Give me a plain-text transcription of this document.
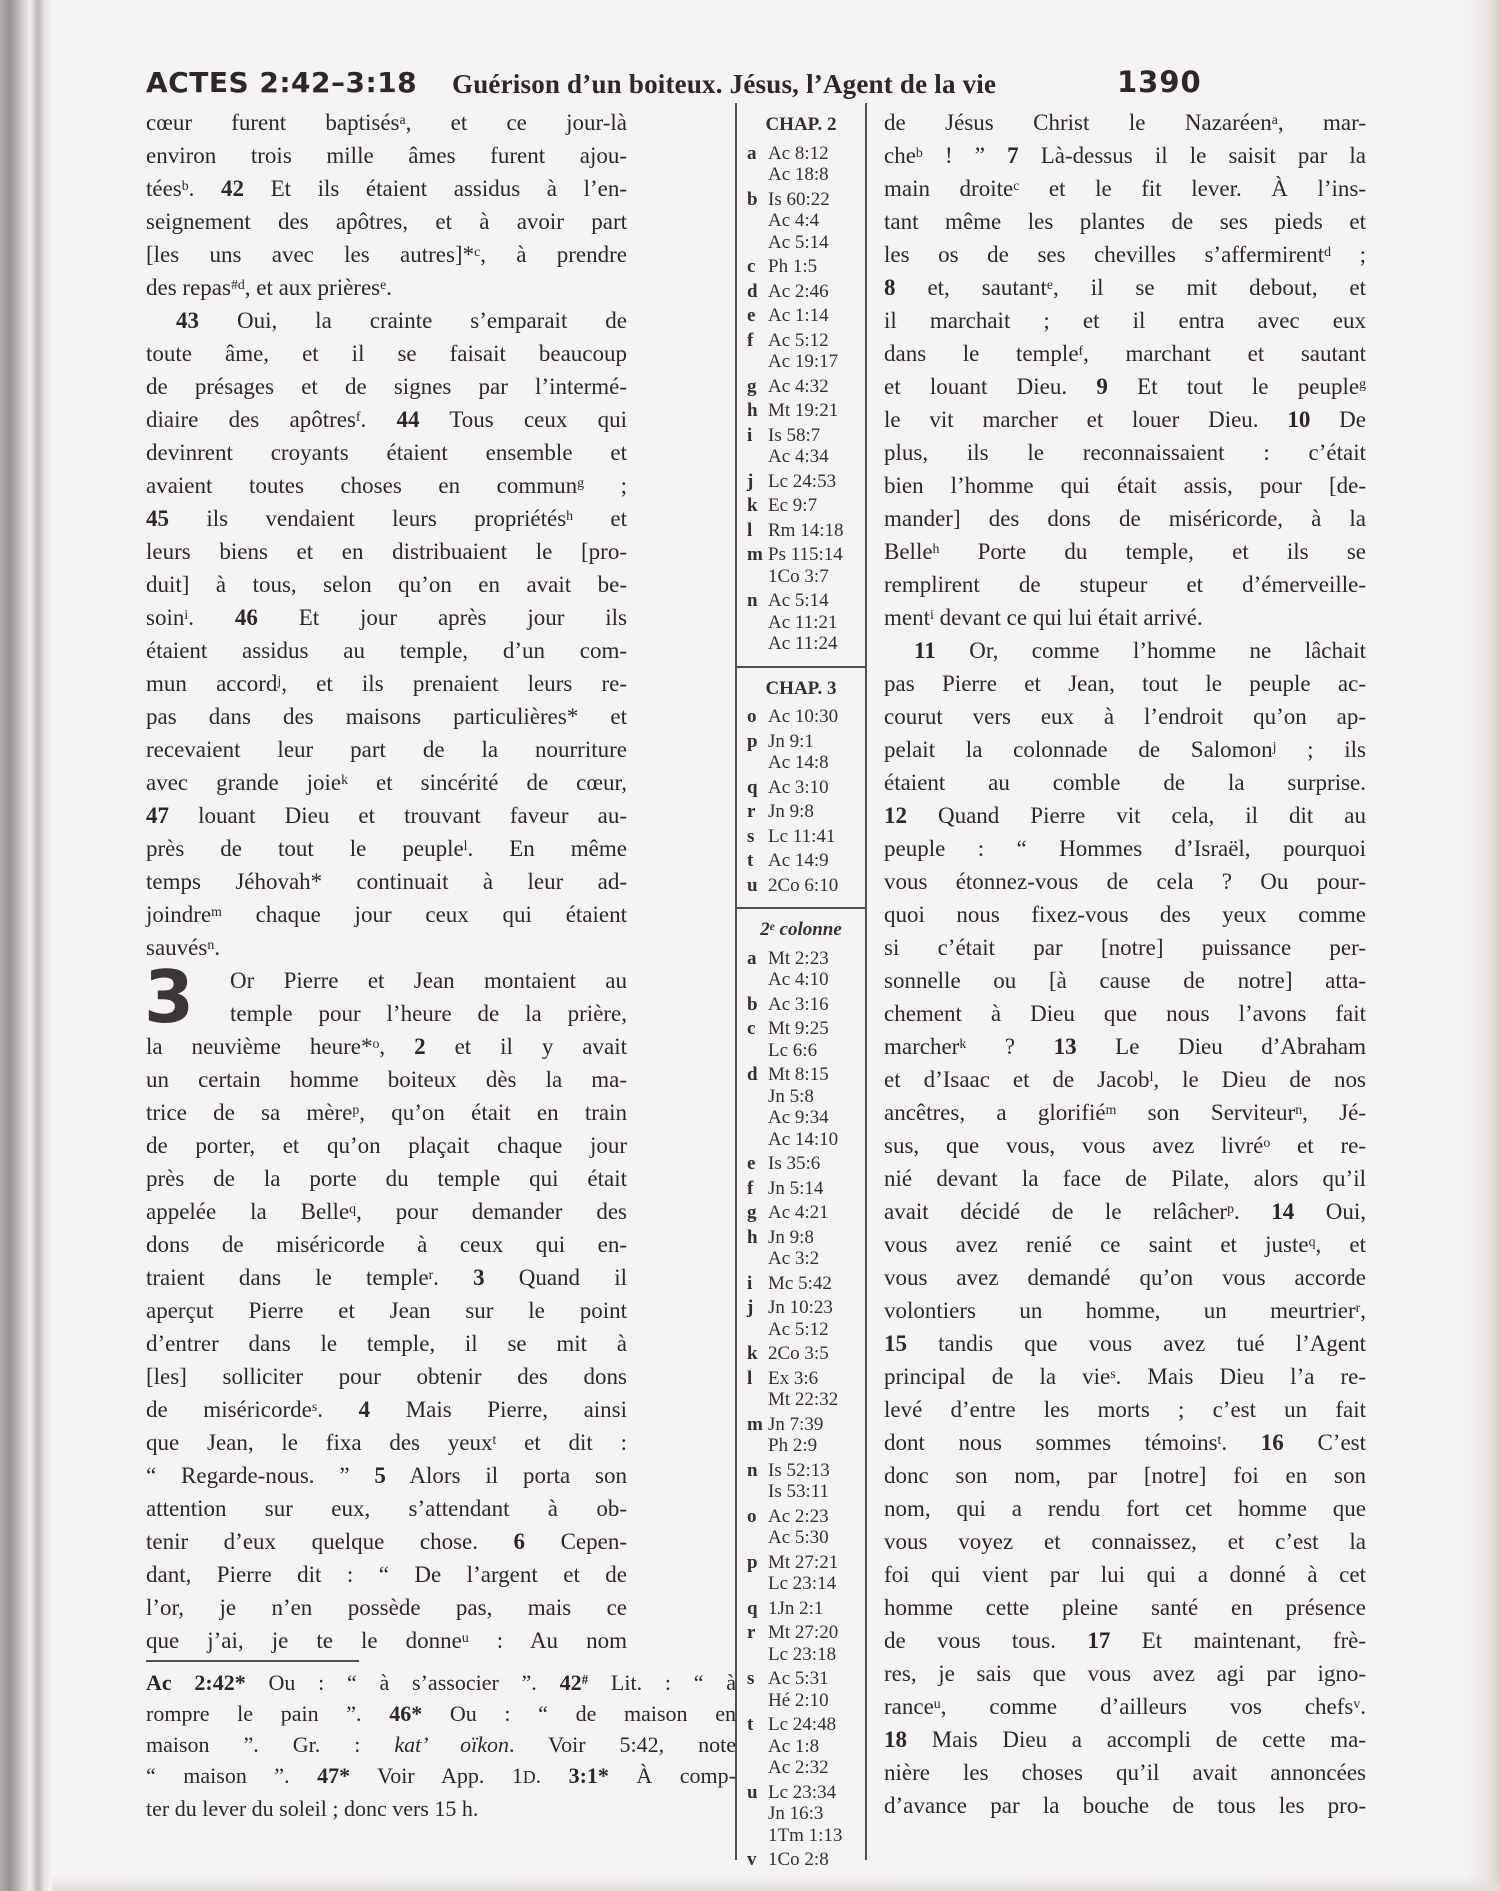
ACTES 2:42–3:18 Guérison d’un boiteux. Jésus, l’Agent de la vie	1390
cœur furent baptisés$^a$, et ce jour-là
environ trois mille âmes furent ajou-
tées$^b$. 42 Et ils étaient assidus à l’en-
seignement des apôtres, et à avoir part
[les uns avec les autres]*$^c$, à prendre
des repas$^{\#d}$, et aux prières$^e$.
43 Oui, la crainte s’emparait de
toute âme, et il se faisait beaucoup
de présages et de signes par l’intermé-
diaire des apôtres$^f$. 44 Tous ceux qui
devinrent croyants étaient ensemble et
avaient toutes choses en commun$^g$ ;
45 ils vendaient leurs propriétés$^h$ et
leurs biens et en distribuaient le [pro-
duit] à tous, selon qu’on en avait be-
soin$^i$. 46 Et jour après jour ils
étaient assidus au temple, d’un com-
mun accord$^j$, et ils prenaient leurs re-
pas dans des maisons particulières* et
recevaient leur part de la nourriture
avec grande joie$^k$ et sincérité de cœur,
47 louant Dieu et trouvant faveur au-
près de tout le peuple$^l$. En même
temps Jéhovah* continuait à leur ad-
joindre$^m$ chaque jour ceux qui étaient
sauvés$^n$.
3 Or Pierre et Jean montaient au
temple pour l’heure de la prière,
la neuvième heure*$^o$, 2 et il y avait
un certain homme boiteux dès la ma-
trice de sa mère$^p$, qu’on était en train
de porter, et qu’on plaçait chaque jour
près de la porte du temple qui était
appelée la Belle$^q$, pour demander des
dons de miséricorde à ceux qui en-
traient dans le temple$^r$. 3 Quand il
aperçut Pierre et Jean sur le point
d’entrer dans le temple, il se mit à
[les] solliciter pour obtenir des dons
de miséricorde$^s$. 4 Mais Pierre, ainsi
que Jean, le fixa des yeux$^t$ et dit :
“ Regarde-nous. ” 5 Alors il porta son
attention sur eux, s’attendant à ob-
tenir d’eux quelque chose. 6 Cepen-
dant, Pierre dit : “ De l’argent et de
l’or, je n’en possède pas, mais ce
que j’ai, je te le donne$^u$ : Au nom
CHAP. 2
a Ac 8:12
Ac 18:8
b Is 60:22
Ac 4:4
Ac 5:14
c Ph 1:5
d Ac 2:46
e Ac 1:14
f Ac 5:12
Ac 19:17
g Ac 4:32
h Mt 19:21
i Is 58:7
Ac 4:34
j Lc 24:53
k Ec 9:7
l Rm 14:18
m Ps 115:14
1Co 3:7
n Ac 5:14
Ac 11:21
Ac 11:24
CHAP. 3
o Ac 10:30
p Jn 9:1
Ac 14:8
q Ac 3:10
r Jn 9:8
s Lc 11:41
t Ac 14:9
u 2Co 6:10
2e colonne
a Mt 2:23
Ac 4:10
b Ac 3:16
c Mt 9:25
Lc 6:6
d Mt 8:15
Jn 5:8
Ac 9:34
Ac 14:10
e Is 35:6
f Jn 5:14
g Ac 4:21
h Jn 9:8
Ac 3:2
i Mc 5:42
j Jn 10:23
Ac 5:12
k 2Co 3:5
l Ex 3:6
Mt 22:32
m Jn 7:39
Ph 2:9
n Is 52:13
Is 53:11
o Ac 2:23
Ac 5:30
p Mt 27:21
Lc 23:14
q 1Jn 2:1
r Mt 27:20
Lc 23:18
s Ac 5:31
Hé 2:10
t Lc 24:48
Ac 1:8
Ac 2:32
u Lc 23:34
Jn 16:3
1Tm 1:13
v 1Co 2:8
de Jésus Christ le Nazaréen$^a$, mar-
che$^b$ ! ” 7 Là-dessus il le saisit par la
main droite$^c$ et le fit lever. À l’ins-
tant même les plantes de ses pieds et
les os de ses chevilles s’affermirent$^d$ ;
8 et, sautant$^e$, il se mit debout, et
il marchait ; et il entra avec eux
dans le temple$^f$, marchant et sautant
et louant Dieu. 9 Et tout le peuple$^g$
le vit marcher et louer Dieu. 10 De
plus, ils le reconnaissaient : c’était
bien l’homme qui était assis, pour [de-
mander] des dons de miséricorde, à la
Belle$^h$ Porte du temple, et ils se
remplirent de stupeur et d’émerveille-
ment$^i$ devant ce qui lui était arrivé.
11 Or, comme l’homme ne lâchait
pas Pierre et Jean, tout le peuple ac-
courut vers eux à l’endroit qu’on ap-
pelait la colonnade de Salomon$^j$ ; ils
étaient au comble de la surprise.
12 Quand Pierre vit cela, il dit au
peuple : “ Hommes d’Israël, pourquoi
vous étonnez-vous de cela ? Ou pour-
quoi nous fixez-vous des yeux comme
si c’était par [notre] puissance per-
sonnelle ou [à cause de notre] atta-
chement à Dieu que nous l’avons fait
marcher$^k$ ? 13 Le Dieu d’Abraham
et d’Isaac et de Jacob$^l$, le Dieu de nos
ancêtres, a glorifié$^m$ son Serviteur$^n$, Jé-
sus, que vous, vous avez livré$^o$ et re-
nié devant la face de Pilate, alors qu’il
avait décidé de le relâcher$^p$. 14 Oui,
vous avez renié ce saint et juste$^q$, et
vous avez demandé qu’on vous accorde
volontiers un homme, un meurtrier$^r$,
15 tandis que vous avez tué l’Agent
principal de la vie$^s$. Mais Dieu l’a re-
levé d’entre les morts ; c’est un fait
dont nous sommes témoins$^t$. 16 C’est
donc son nom, par [notre] foi en son
nom, qui a rendu fort cet homme que
vous voyez et connaissez, et c’est la
foi qui vient par lui qui a donné à cet
homme cette pleine santé en présence
de vous tous. 17 Et maintenant, frè-
res, je sais que vous avez agi par igno-
rance$^u$, comme d’ailleurs vos chefs$^v$.
18 Mais Dieu a accompli de cette ma-
nière les choses qu’il avait annoncées
d’avance par la bouche de tous les pro-
Ac 2:42* Ou : “ à s’associer ”. 42# Lit. : “ à
rompre le pain ”. 46* Ou : “ de maison en
maison ”. Gr. : kat’ oïkon. Voir 5:42, note
“ maison ”. 47* Voir App. 1D. 3:1* À comp-
ter du lever du soleil ; donc vers 15 h.
